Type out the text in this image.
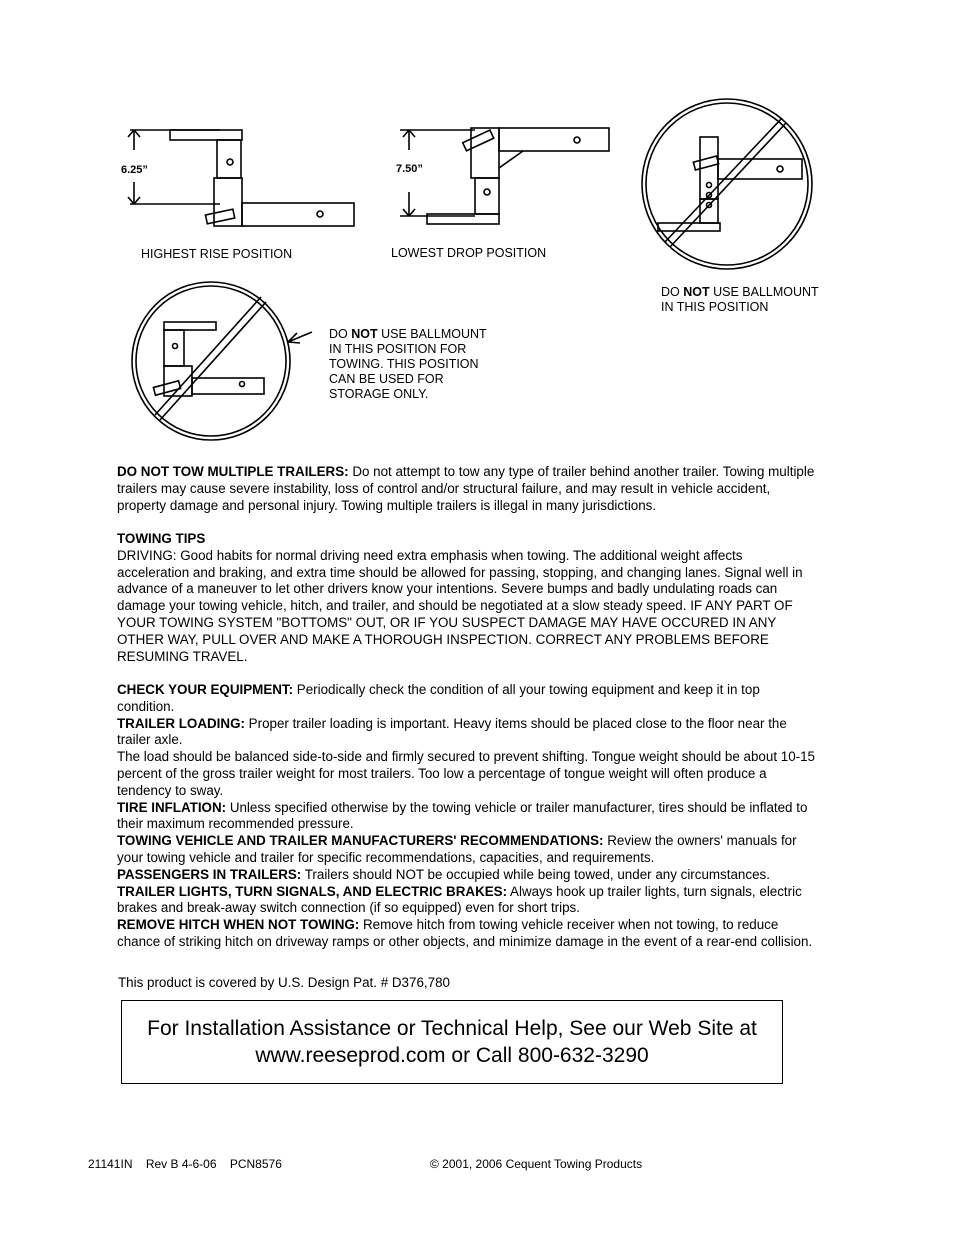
6.25”
HIGHEST RISE POSITION
7.50”
LOWEST DROP POSITION
DO NOT USE BALLMOUNT
IN THIS POSITION
DO NOT USE BALLMOUNT
IN THIS POSITION FOR
TOWING. THIS POSITION
CAN BE USED FOR
STORAGE ONLY.

DO NOT TOW MULTIPLE TRAILERS: Do not attempt to tow any type of trailer behind another trailer. Towing multiple trailers may cause severe instability, loss of control and/or structural failure, and may result in vehicle accident, property damage and personal injury. Towing multiple trailers is illegal in many jurisdictions.

TOWING TIPS

DRIVING: Good habits for normal driving need extra emphasis when towing. The additional weight affects acceleration and braking, and extra time should be allowed for passing, stopping, and changing lanes. Signal well in advance of a maneuver to let other drivers know your intentions. Severe bumps and badly undulating roads can damage your towing vehicle, hitch, and trailer, and should be negotiated at a slow steady speed. IF ANY PART OF YOUR TOWING SYSTEM "BOTTOMS" OUT, OR IF YOU SUSPECT DAMAGE MAY HAVE OCCURED IN ANY OTHER WAY, PULL OVER AND MAKE A THOROUGH INSPECTION. CORRECT ANY PROBLEMS BEFORE RESUMING TRAVEL.

CHECK YOUR EQUIPMENT: Periodically check the condition of all your towing equipment and keep it in top condition.

TRAILER LOADING: Proper trailer loading is important. Heavy items should be placed close to the floor near the trailer axle.

The load should be balanced side-to-side and firmly secured to prevent shifting. Tongue weight should be about 10-15 percent of the gross trailer weight for most trailers. Too low a percentage of tongue weight will often produce a tendency to sway.

TIRE INFLATION: Unless specified otherwise by the towing vehicle or trailer manufacturer, tires should be inflated to their maximum recommended pressure.

TOWING VEHICLE AND TRAILER MANUFACTURERS' RECOMMENDATIONS: Review the owners' manuals for your towing vehicle and trailer for specific recommendations, capacities, and requirements.

PASSENGERS IN TRAILERS: Trailers should NOT be occupied while being towed, under any circumstances.

TRAILER LIGHTS, TURN SIGNALS, AND ELECTRIC BRAKES: Always hook up trailer lights, turn signals, electric brakes and break-away switch connection (if so equipped) even for short trips.

REMOVE HITCH WHEN NOT TOWING: Remove hitch from towing vehicle receiver when not towing, to reduce chance of striking hitch on driveway ramps or other objects, and minimize damage in the event of a rear-end collision.

This product is covered by U.S. Design Pat. # D376,780
For Installation Assistance or Technical Help, See our Web Site at
www.reeseprod.com or Call 800-632-3290
21141IN    Rev B 4-6-06    PCN8576	© 2001, 2006 Cequent Towing Products
